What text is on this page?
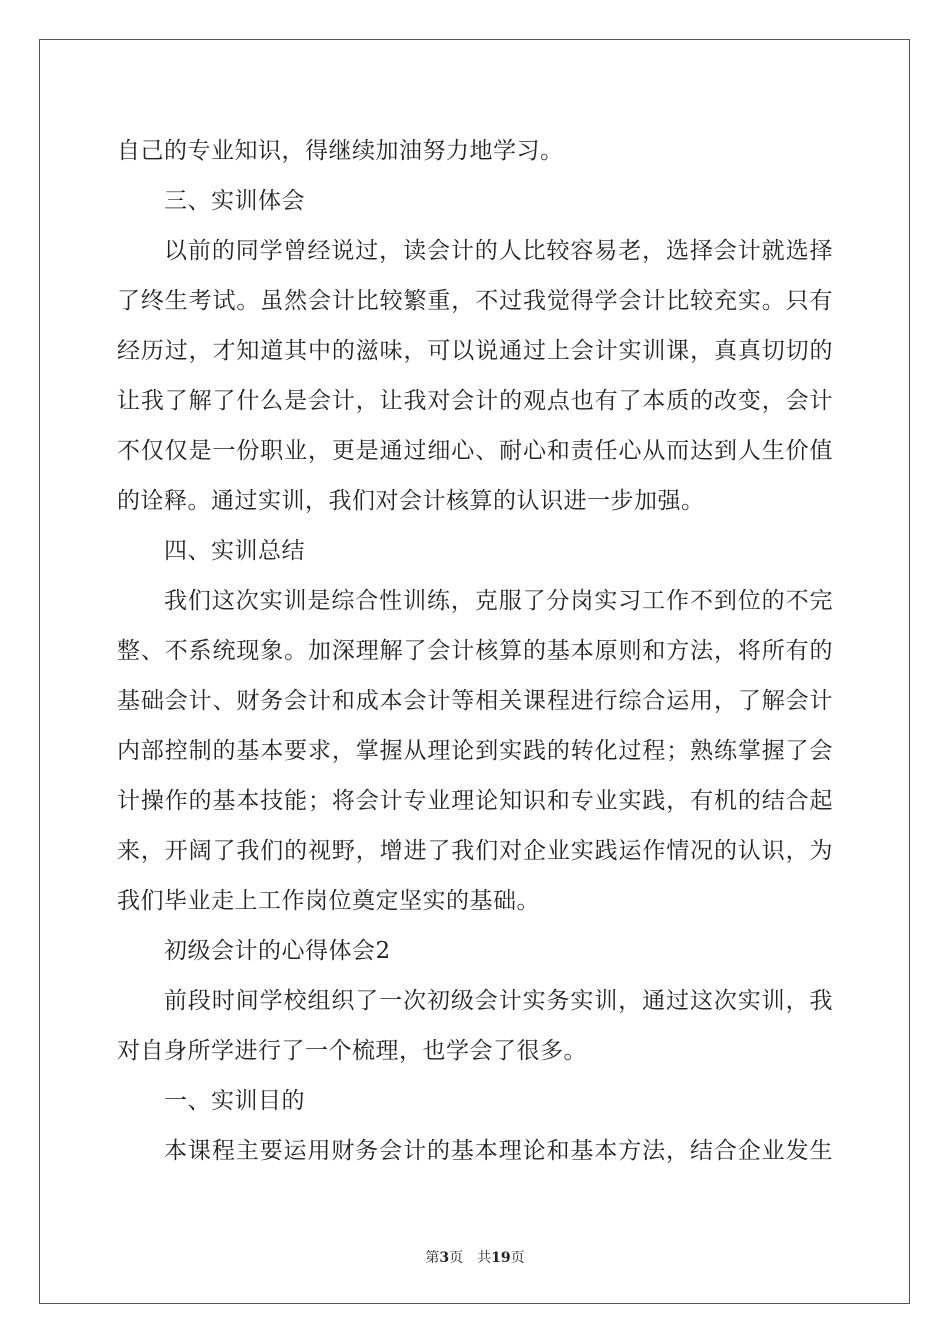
自己的专业知识，得继续加油努力地学习。
三、实训体会
以前的同学曾经说过，读会计的人比较容易老，选择会计就选择
了终生考试。虽然会计比较繁重，不过我觉得学会计比较充实。只有
经历过，才知道其中的滋味，可以说通过上会计实训课，真真切切的
让我了解了什么是会计，让我对会计的观点也有了本质的改变，会计
不仅仅是一份职业，更是通过细心、耐心和责任心从而达到人生价值
的诠释。通过实训，我们对会计核算的认识进一步加强。
四、实训总结
我们这次实训是综合性训练，克服了分岗实习工作不到位的不完
整、不系统现象。加深理解了会计核算的基本原则和方法，将所有的
基础会计、财务会计和成本会计等相关课程进行综合运用，了解会计
内部控制的基本要求，掌握从理论到实践的转化过程；熟练掌握了会
计操作的基本技能；将会计专业理论知识和专业实践，有机的结合起
来，开阔了我们的视野，增进了我们对企业实践运作情况的认识，为
我们毕业走上工作岗位奠定坚实的基础。
初级会计的心得体会2
前段时间学校组织了一次初级会计实务实训，通过这次实训，我
对自身所学进行了一个梳理，也学会了很多。
一、实训目的
本课程主要运用财务会计的基本理论和基本方法，结合企业发生
第3页　共19页
